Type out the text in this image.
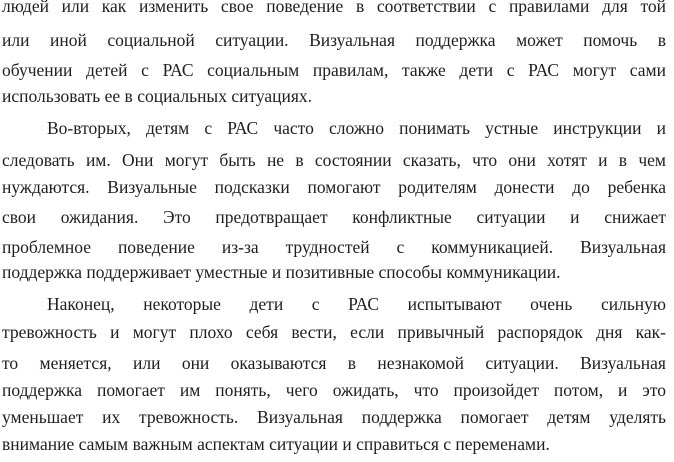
людей или как изменить свое поведение в соответствии с правилами для той
или иной социальной ситуации. Визуальная поддержка может помочь в
обучении детей с РАС социальным правилам, также дети с РАС могут сами
использовать ее в социальных ситуациях.
Во-вторых, детям с РАС часто сложно понимать устные инструкции и
следовать им. Они могут быть не в состоянии сказать, что они хотят и в чем
нуждаются. Визуальные подсказки помогают родителям донести до ребенка
свои ожидания. Это предотвращает конфликтные ситуации и снижает
проблемное поведение из-за трудностей с коммуникацией. Визуальная
поддержка поддерживает уместные и позитивные способы коммуникации.
Наконец, некоторые дети с РАС испытывают очень сильную
тревожность и могут плохо себя вести, если привычный распорядок дня как-
то меняется, или они оказываются в незнакомой ситуации. Визуальная
поддержка помогает им понять, чего ожидать, что произойдет потом, и это
уменьшает их тревожность. Визуальная поддержка помогает детям уделять
внимание самым важным аспектам ситуации и справиться с переменами.
